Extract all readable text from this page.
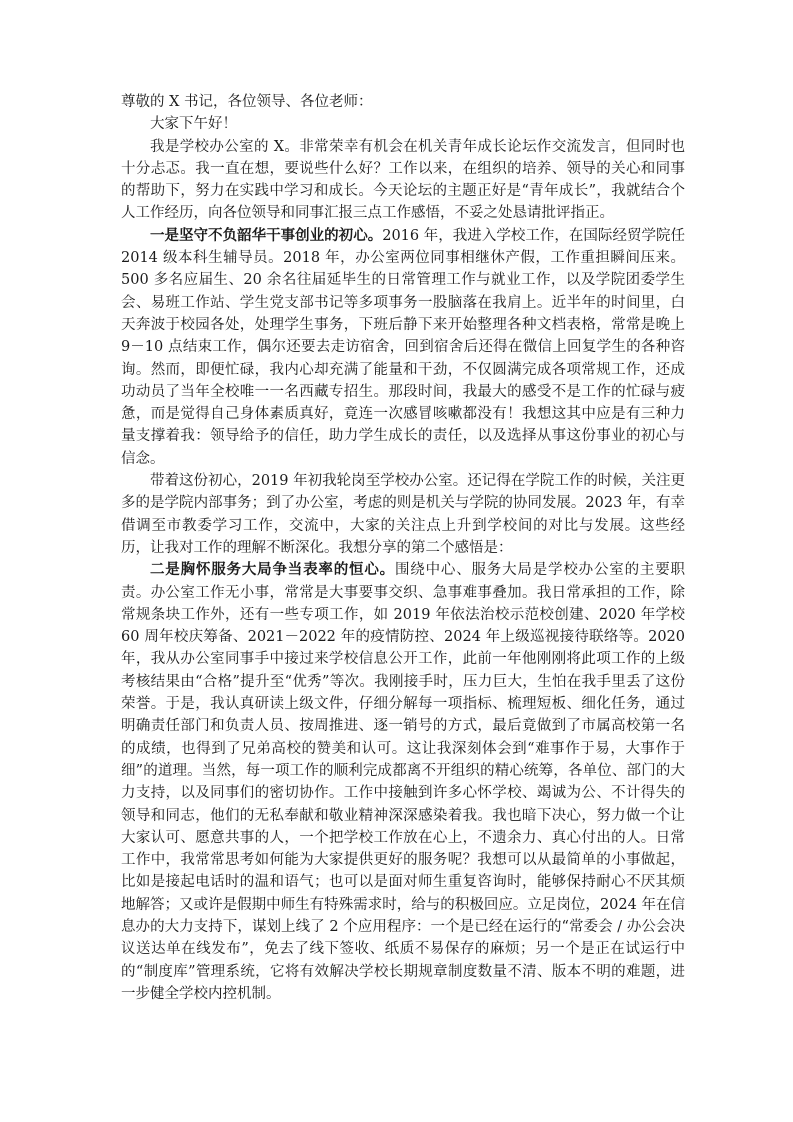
尊敬的 X 书记，各位领导、各位老师：

大家下午好！

我是学校办公室的 X。非常荣幸有机会在机关青年成长论坛作交流发言，但同时也十分忐忑。我一直在想，要说些什么好？工作以来，在组织的培养、领导的关心和同事的帮助下，努力在实践中学习和成长。今天论坛的主题正好是“青年成长”，我就结合个人工作经历，向各位领导和同事汇报三点工作感悟，不妥之处恳请批评指正。

一是坚守不负韶华干事创业的初心。2016 年，我进入学校工作，在国际经贸学院任 2014 级本科生辅导员。2018 年，办公室两位同事相继休产假，工作重担瞬间压来。500 多名应届生、20 余名往届延毕生的日常管理工作与就业工作，以及学院团委学生会、易班工作站、学生党支部书记等多项事务一股脑落在我肩上。近半年的时间里，白天奔波于校园各处，处理学生事务，下班后静下来开始整理各种文档表格，常常是晚上 9－10 点结束工作，偶尔还要去走访宿舍，回到宿舍后还得在微信上回复学生的各种咨询。然而，即便忙碌，我内心却充满了能量和干劲，不仅圆满完成各项常规工作，还成功动员了当年全校唯一一名西藏专招生。那段时间，我最大的感受不是工作的忙碌与疲惫，而是觉得自己身体素质真好，竟连一次感冒咳嗽都没有！我想这其中应是有三种力量支撑着我：领导给予的信任，助力学生成长的责任，以及选择从事这份事业的初心与信念。

带着这份初心，2019 年初我轮岗至学校办公室。还记得在学院工作的时候，关注更多的是学院内部事务；到了办公室，考虑的则是机关与学院的协同发展。2023 年，有幸借调至市教委学习工作，交流中，大家的关注点上升到学校间的对比与发展。这些经历，让我对工作的理解不断深化。我想分享的第二个感悟是：

二是胸怀服务大局争当表率的恒心。围绕中心、服务大局是学校办公室的主要职责。办公室工作无小事，常常是大事要事交织、急事难事叠加。我日常承担的工作，除常规条块工作外，还有一些专项工作，如 2019 年依法治校示范校创建、2020 年学校 60 周年校庆筹备、2021－2022 年的疫情防控、2024 年上级巡视接待联络等。2020 年，我从办公室同事手中接过来学校信息公开工作，此前一年他刚刚将此项工作的上级考核结果由“合格”提升至“优秀”等次。我刚接手时，压力巨大，生怕在我手里丢了这份荣誉。于是，我认真研读上级文件，仔细分解每一项指标、梳理短板、细化任务，通过明确责任部门和负责人员、按周推进、逐一销号的方式，最后竟做到了市属高校第一名的成绩，也得到了兄弟高校的赞美和认可。这让我深刻体会到“难事作于易，大事作于细”的道理。当然，每一项工作的顺利完成都离不开组织的精心统筹，各单位、部门的大力支持，以及同事们的密切协作。工作中接触到许多心怀学校、竭诚为公、不计得失的领导和同志，他们的无私奉献和敬业精神深深感染着我。我也暗下决心，努力做一个让大家认可、愿意共事的人，一个把学校工作放在心上，不遗余力、真心付出的人。日常工作中，我常常思考如何能为大家提供更好的服务呢？我想可以从最简单的小事做起，比如是接起电话时的温和语气；也可以是面对师生重复咨询时，能够保持耐心不厌其烦地解答；又或许是假期中师生有特殊需求时，给与的积极回应。立足岗位，2024 年在信息办的大力支持下，谋划上线了 2 个应用程序：一个是已经在运行的“常委会 / 办公会决议送达单在线发布”，免去了线下签收、纸质不易保存的麻烦；另一个是正在试运行中的“制度库”管理系统，它将有效解决学校长期规章制度数量不清、版本不明的难题，进一步健全学校内控机制。
